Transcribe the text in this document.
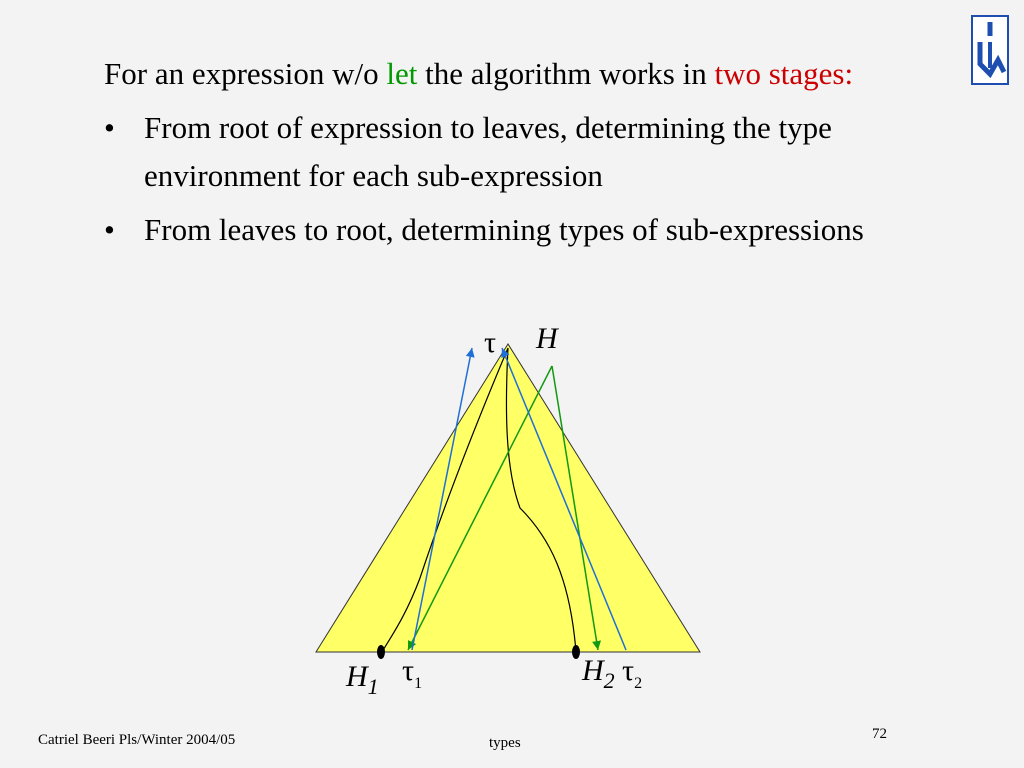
For an expression w/o let the algorithm works in two stages:

• From root of expression to leaves, determining the type environment for each sub-expression
• From leaves to root, determining types of sub-expressions
τ H
$H_1$ $\tau_1$	$H_2$ $\tau_2$
Catriel Beeri Pls/Winter 2004/05	types
72
